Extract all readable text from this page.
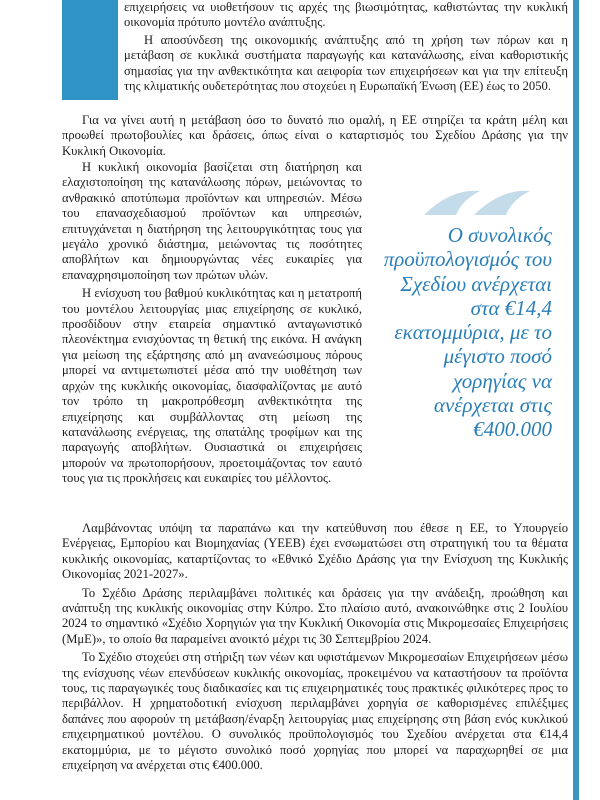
επιχειρήσεις να υιοθετήσουν τις αρχές της βιωσιμότητας, καθιστώντας την κυκλική οικονομία πρότυπο μοντέλο ανάπτυξης.

Η αποσύνδεση της οικονομικής ανάπτυξης από τη χρήση των πόρων και η μετάβαση σε κυκλικά συστήματα παραγωγής και κατανάλωσης, είναι καθοριστικής σημασίας για την ανθεκτικότητα και αειφορία των επιχειρήσεων και για την επίτευξη της κλιματικής ουδετερότητας που στοχεύει η Ευρωπαϊκή Ένωση (ΕΕ) έως το 2050.

Για να γίνει αυτή η μετάβαση όσο το δυνατό πιο ομαλή, η ΕΕ στηρίζει τα κράτη μέλη και προωθεί πρωτοβουλίες και δράσεις, όπως είναι ο καταρτισμός του Σχεδίου Δράσης για την Κυκλική Οικονομία.

Η κυκλική οικονομία βασίζεται στη διατήρηση και ελαχιστοποίηση της κατανάλωσης πόρων, μειώνοντας το ανθρακικό αποτύπωμα προϊόντων και υπηρεσιών. Μέσω του επανασχεδιασμού προϊόντων και υπηρεσιών, επιτυγχάνεται η διατήρηση της λειτουργικότητας τους για μεγάλο χρονικό διάστημα, μειώνοντας τις ποσότητες αποβλήτων και δημιουργώντας νέες ευκαιρίες για επαναχρησιμοποίηση των πρώτων υλών.

Η ενίσχυση του βαθμού κυκλικότητας και η μετατροπή του μοντέλου λειτουργίας μιας επιχείρησης σε κυκλικό, προσδίδουν στην εταιρεία σημαντικό ανταγωνιστικό πλεονέκτημα ενισχύοντας τη θετική της εικόνα. Η ανάγκη για μείωση της εξάρτησης από μη ανανεώσιμους πόρους μπορεί να αντιμετωπιστεί μέσα από την υιοθέτηση των αρχών της κυκλικής οικονομίας, διασφαλίζοντας με αυτό τον τρόπο τη μακροπρόθεσμη ανθεκτικότητα της επιχείρησης και συμβάλλοντας στη μείωση της κατανάλωσης ενέργειας, της σπατάλης τροφίμων και της παραγωγής αποβλήτων. Ουσιαστικά οι επιχειρήσεις μπορούν να πρωτοπορήσουν, προετοιμάζοντας τον εαυτό τους για τις προκλήσεις και ευκαιρίες του μέλλοντος.

Ο συνολικός προϋπολογισμός του Σχεδίου ανέρχεται στα €14,4 εκατομμύρια, με το μέγιστο ποσό χορηγίας να ανέρχεται στις €400.000

Λαμβάνοντας υπόψη τα παραπάνω και την κατεύθυνση που έθεσε η ΕΕ, το Υπουργείο Ενέργειας, Εμπορίου και Βιομηχανίας (ΥΕΕΒ) έχει ενσωματώσει στη στρατηγική του τα θέματα κυκλικής οικονομίας, καταρτίζοντας το «Εθνικό Σχέδιο Δράσης για την Ενίσχυση της Κυκλικής Οικονομίας 2021-2027».

Το Σχέδιο Δράσης περιλαμβάνει πολιτικές και δράσεις για την ανάδειξη, προώθηση και ανάπτυξη της κυκλικής οικονομίας στην Κύπρο. Στο πλαίσιο αυτό, ανακοινώθηκε στις 2 Ιουλίου 2024 το σημαντικό «Σχέδιο Χορηγιών για την Κυκλική Οικονομία στις Μικρομεσαίες Επιχειρήσεις (ΜμΕ)», το οποίο θα παραμείνει ανοικτό μέχρι τις 30 Σεπτεμβρίου 2024.

Το Σχέδιο στοχεύει στη στήριξη των νέων και υφιστάμενων Μικρομεσαίων Επιχειρήσεων μέσω της ενίσχυσης νέων επενδύσεων κυκλικής οικονομίας, προκειμένου να καταστήσουν τα προϊόντα τους, τις παραγωγικές τους διαδικασίες και τις επιχειρηματικές τους πρακτικές φιλικότερες προς το περιβάλλον. Η χρηματοδοτική ενίσχυση περιλαμβάνει χορηγία σε καθορισμένες επιλέξιμες δαπάνες που αφορούν τη μετάβαση/έναρξη λειτουργίας μιας επιχείρησης στη βάση ενός κυκλικού επιχειρηματικού μοντέλου. Ο συνολικός προϋπολογισμός του Σχεδίου ανέρχεται στα €14,4 εκατομμύρια, με το μέγιστο συνολικό ποσό χορηγίας που μπορεί να παραχωρηθεί σε μια επιχείρηση να ανέρχεται στις €400.000.
